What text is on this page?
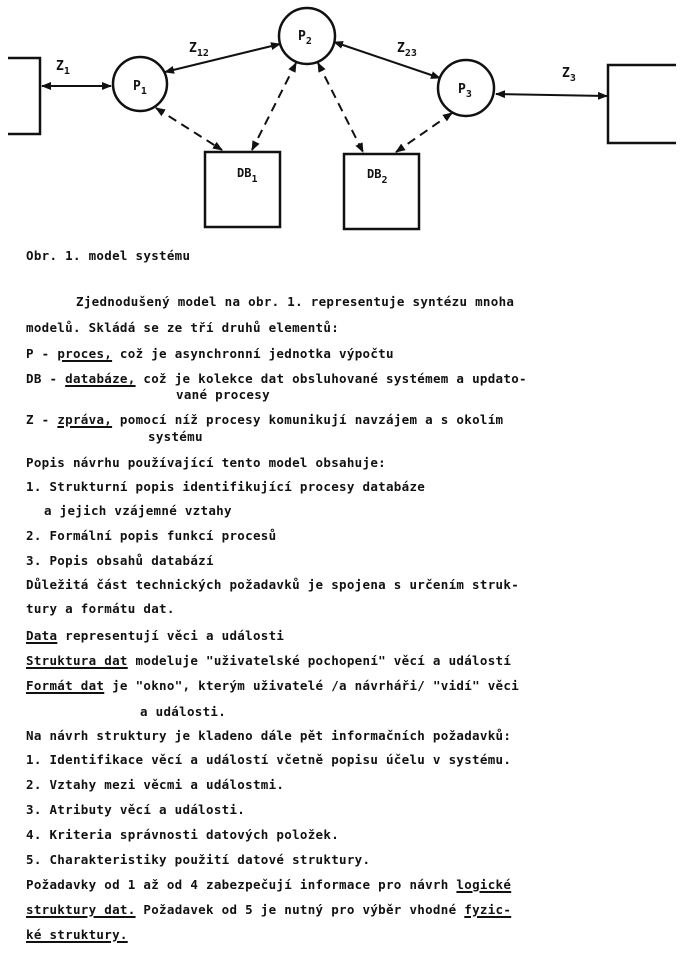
$P_1$
$P_2$
$P_3$
$DB_1$	$DB_2$
$Z_1$
$Z_{12}$	$Z_{23}$
$Z_3$
Obr. 1. model systému
Zjednodušený model na obr. 1. representuje syntézu mnoha
modelů. Skládá se ze tří druhů elementů:
P - proces, což je asynchronní jednotka výpočtu
DB - databáze, což je kolekce dat obsluhované systémem a updato-
vané procesy
Z - zpráva, pomocí níž procesy komunikují navzájem a s okolím
systému
Popis návrhu používající tento model obsahuje:
1. Strukturní popis identifikující procesy databáze
a jejich vzájemné vztahy
2. Formální popis funkcí procesů
3. Popis obsahů databází
Důležitá část technických požadavků je spojena s určením struk-
tury a formátu dat.
Data representují věci a události
Struktura dat modeluje "uživatelské pochopení" věcí a událostí
Formát dat je "okno", kterým uživatelé /a návrháři/ "vidí" věci
a události.
Na návrh struktury je kladeno dále pět informačních požadavků:
1. Identifikace věcí a událostí včetně popisu účelu v systému.
2. Vztahy mezi věcmi a událostmi.
3. Atributy věcí a události.
4. Kriteria správnosti datových položek.
5. Charakteristiky použití datové struktury.
Požadavky od 1 až od 4 zabezpečují informace pro návrh logické
struktury dat. Požadavek od 5 je nutný pro výběr vhodné fyzic-
ké struktury.
